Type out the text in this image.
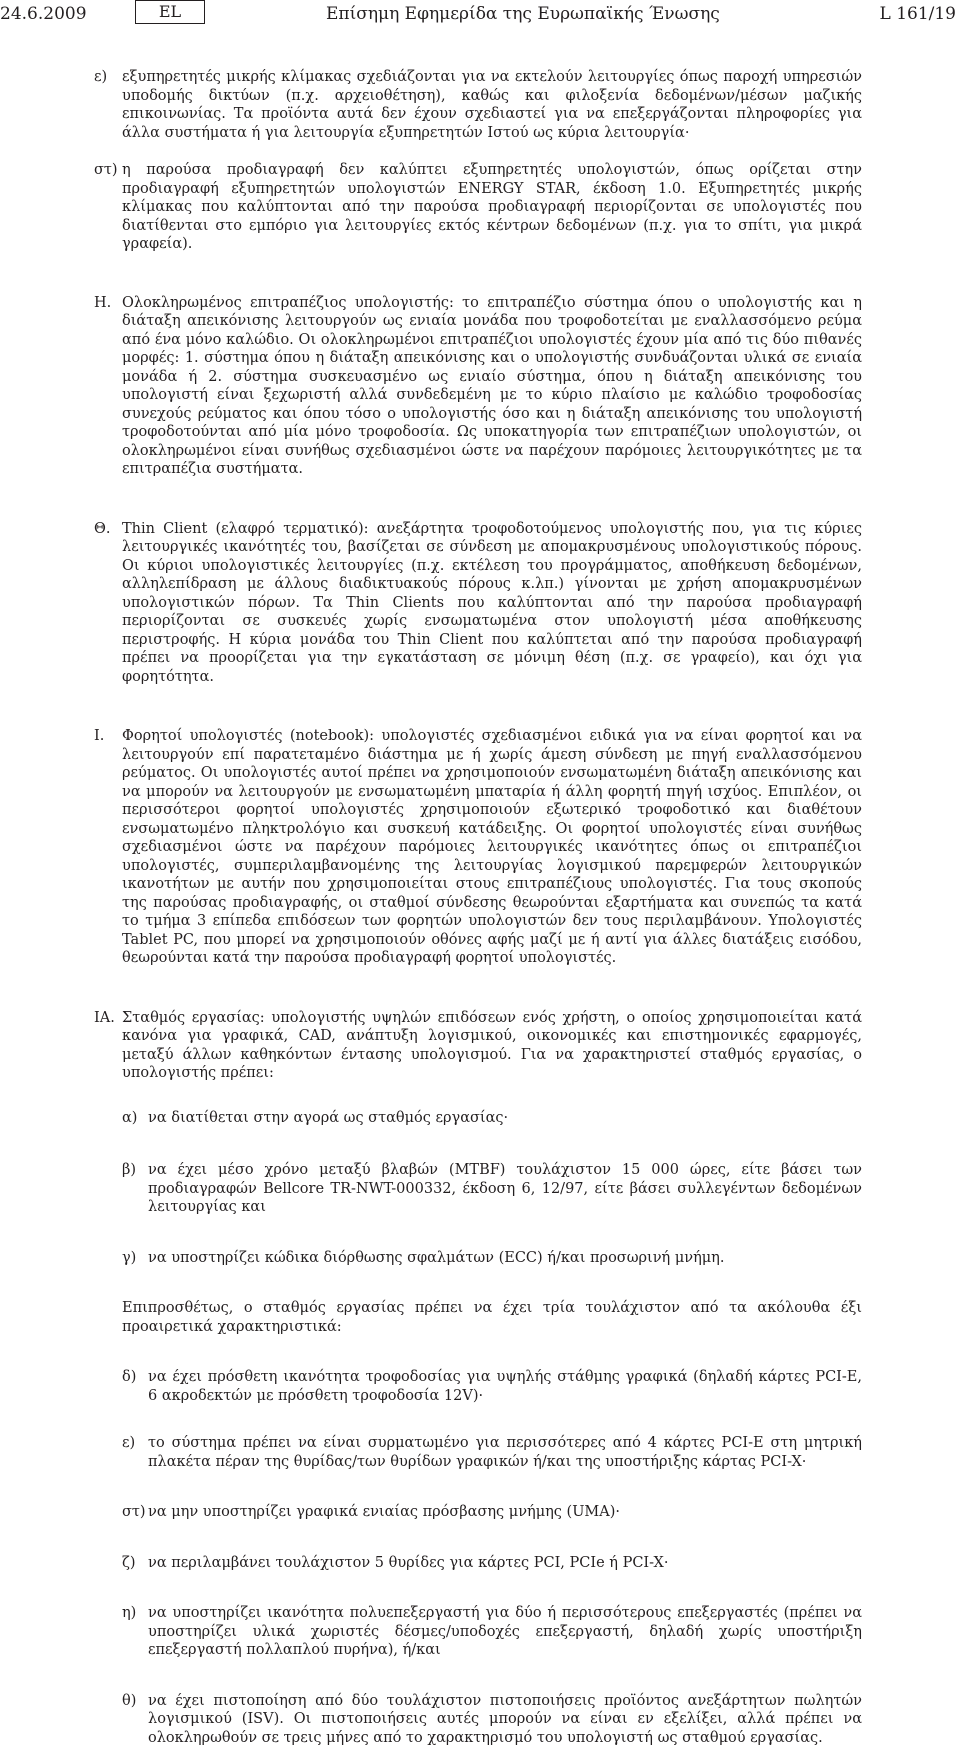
24.6.2009	EL	Επίσημη Εφημερίδα της Ευρωπαϊκής Ένωσης	L 161/19
ε)	εξυπηρετητές μικρής κλίμακας σχεδιάζονται για να εκτελούν λειτουργίες όπως παροχή υπηρεσιών υποδομής δικτύων (π.χ. αρχειοθέτηση), καθώς και φιλοξενία δεδομένων/μέσων μαζικής επικοινωνίας. Τα προϊόντα αυτά δεν έχουν σχεδιαστεί για να επεξεργάζονται πληροφορίες για άλλα συστήματα ή για λειτουργία εξυπηρετητών Ιστού ως κύρια λειτουργία·

στ) η παρούσα προδιαγραφή δεν καλύπτει εξυπηρετητές υπολογιστών, όπως ορίζεται στην προδιαγραφή εξυπηρετητών υπολογιστών ENERGY STAR, έκδοση 1.0. Εξυπηρετητές μικρής κλίμακας που καλύπτονται από την παρούσα προδιαγραφή περιορίζονται σε υπολογιστές που διατίθενται στο εμπόριο για λειτουργίες εκτός κέντρων δεδομένων (π.χ. για το σπίτι, για μικρά γραφεία).

Η. Ολοκληρωμένος επιτραπέζιος υπολογιστής: το επιτραπέζιο σύστημα όπου ο υπολογιστής και η διάταξη απεικόνισης λειτουργούν ως ενιαία μονάδα που τροφοδοτείται με εναλλασσόμενο ρεύμα από ένα μόνο καλώδιο. Οι ολοκληρωμένοι επιτραπέζιοι υπολογιστές έχουν μία από τις δύο πιθανές μορφές: 1. σύστημα όπου η διάταξη απεικόνισης και ο υπολογιστής συνδυάζονται υλικά σε ενιαία μονάδα ή 2. σύστημα συσκευασμένο ως ενιαίο σύστημα, όπου η διάταξη απεικόνισης του υπολογιστή είναι ξεχωριστή αλλά συνδεδεμένη με το κύριο πλαίσιο με καλώδιο τροφοδοσίας συνεχούς ρεύματος και όπου τόσο ο υπολογιστής όσο και η διάταξη απεικόνισης του υπολογιστή τροφοδοτούνται από μία μόνο τροφοδοσία. Ως υποκατηγορία των επιτραπέζιων υπολογιστών, οι ολοκληρωμένοι είναι συνήθως σχεδιασμένοι ώστε να παρέχουν παρόμοιες λειτουργικότητες με τα επιτραπέζια συστήματα.

Θ. Thin Client (ελαφρό τερματικό): ανεξάρτητα τροφοδοτούμενος υπολογιστής που, για τις κύριες λειτουργικές ικανότητές του, βασίζεται σε σύνδεση με απομακρυσμένους υπολογιστικούς πόρους. Οι κύριοι υπολογιστικές λειτουργίες (π.χ. εκτέλεση του προγράμματος, αποθήκευση δεδομένων, αλληλεπίδραση με άλλους διαδικτυακούς πόρους κ.λπ.) γίνονται με χρήση απομακρυσμένων υπολογιστικών πόρων. Τα Thin Clients που καλύπτονται από την παρούσα προδιαγραφή περιορίζονται σε συσκευές χωρίς ενσωματωμένα στον υπολογιστή μέσα αποθήκευσης περιστροφής. Η κύρια μονάδα του Thin Client που καλύπτεται από την παρούσα προδιαγραφή πρέπει να προορίζεται για την εγκατάσταση σε μόνιμη θέση (π.χ. σε γραφείο), και όχι για φορητότητα.

Ι.	Φορητοί υπολογιστές (notebook): υπολογιστές σχεδιασμένοι ειδικά για να είναι φορητοί και να λειτουργούν επί παρατεταμένο διάστημα με ή χωρίς άμεση σύνδεση με πηγή εναλλασσόμενου ρεύματος. Οι υπολογιστές αυτοί πρέπει να χρησιμοποιούν ενσωματωμένη διάταξη απεικόνισης και να μπορούν να λειτουργούν με ενσωματωμένη μπαταρία ή άλλη φορητή πηγή ισχύος. Επιπλέον, οι περισσότεροι φορητοί υπολογιστές χρησιμοποιούν εξωτερικό τροφοδοτικό και διαθέτουν ενσωματωμένο πληκτρολόγιο και συσκευή κατάδειξης. Οι φορητοί υπολογιστές είναι συνήθως σχεδιασμένοι ώστε να παρέχουν παρόμοιες λειτουργικές ικανότητες όπως οι επιτραπέζιοι υπολογιστές, συμπεριλαμβανομένης της λειτουργίας λογισμικού παρεμφερών λειτουργικών ικανοτήτων με αυτήν που χρησιμοποιείται στους επιτραπέζιους υπολογιστές. Για τους σκοπούς της παρούσας προδιαγραφής, οι σταθμοί σύνδεσης θεωρούνται εξαρτήματα και συνεπώς τα κατά το τμήμα 3 επίπεδα επιδόσεων των φορητών υπολογιστών δεν τους περιλαμβάνουν. Υπολογιστές Tablet PC, που μπορεί να χρησιμοποιούν οθόνες αφής μαζί με ή αντί για άλλες διατάξεις εισόδου, θεωρούνται κατά την παρούσα προδιαγραφή φορητοί υπολογιστές.

ΙΑ. Σταθμός εργασίας: υπολογιστής υψηλών επιδόσεων ενός χρήστη, ο οποίος χρησιμοποιείται κατά κανόνα για γραφικά, CAD, ανάπτυξη λογισμικού, οικονομικές και επιστημονικές εφαρμογές, μεταξύ άλλων καθηκόντων έντασης υπολογισμού. Για να χαρακτηριστεί σταθμός εργασίας, ο υπολογιστής πρέπει:

α) να διατίθεται στην αγορά ως σταθμός εργασίας·

β) να έχει μέσο χρόνο μεταξύ βλαβών (MTBF) τουλάχιστον 15 000 ώρες, είτε βάσει των προδιαγραφών Bellcore TR-NWT-000332, έκδοση 6, 12/97, είτε βάσει συλλεγέντων δεδομένων λειτουργίας και

γ) να υποστηρίζει κώδικα διόρθωσης σφαλμάτων (ECC) ή/και προσωρινή μνήμη.

Επιπροσθέτως, ο σταθμός εργασίας πρέπει να έχει τρία τουλάχιστον από τα ακόλουθα έξι προαιρετικά χαρακτηριστικά:

δ) να έχει πρόσθετη ικανότητα τροφοδοσίας για υψηλής στάθμης γραφικά (δηλαδή κάρτες PCI-E, 6 ακροδεκτών με πρόσθετη τροφοδοσία 12V)·

ε) το σύστημα πρέπει να είναι συρματωμένο για περισσότερες από 4 κάρτες PCI-E στη μητρική πλακέτα πέραν της θυρίδας/των θυρίδων γραφικών ή/και της υποστήριξης κάρτας PCI-X·

στ) να μην υποστηρίζει γραφικά ενιαίας πρόσβασης μνήμης (UMA)·

ζ) να περιλαμβάνει τουλάχιστον 5 θυρίδες για κάρτες PCI, PCIe ή PCI-X·

η) να υποστηρίζει ικανότητα πολυεπεξεργαστή για δύο ή περισσότερους επεξεργαστές (πρέπει να υποστηρίζει υλικά χωριστές δέσμες/υποδοχές επεξεργαστή, δηλαδή χωρίς υποστήριξη επεξεργαστή πολλαπλού πυρήνα), ή/και

θ) να έχει πιστοποίηση από δύο τουλάχιστον πιστοποιήσεις προϊόντος ανεξάρτητων πωλητών λογισμικού (ISV). Οι πιστοποιήσεις αυτές μπορούν να είναι εν εξελίξει, αλλά πρέπει να ολοκληρωθούν σε τρεις μήνες από το χαρακτηρισμό του υπολογιστή ως σταθμού εργασίας.
